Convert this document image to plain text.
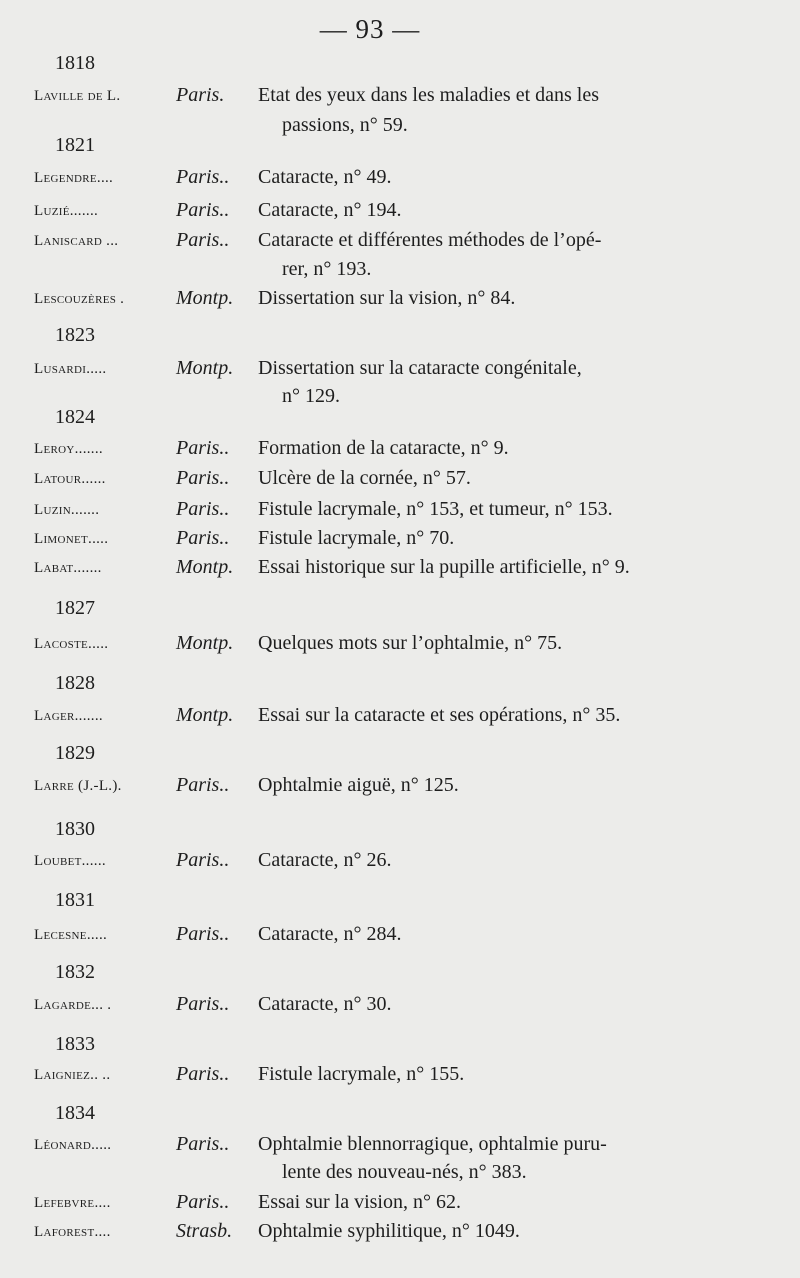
— 93 —
1818
Laville de L.	Paris. Etat des yeux dans les maladies et dans les
passions, n° 59.
1821
Legendre....	Paris.. Cataracte, n° 49.
Luzié.......	Paris.. Cataracte, n° 194.
Laniscard ...	Paris.. Cataracte et différentes méthodes de l’opé-
rer, n° 193.
Lescouzères .	Montp. Dissertation sur la vision, n° 84.
1823
Lusardi.....	Montp. Dissertation sur la cataracte congénitale,
n° 129.
1824
Leroy.......	Paris.. Formation de la cataracte, n° 9.
Latour......	Paris.. Ulcère de la cornée, n° 57.
Luzin.......	Paris.. Fistule lacrymale, n° 153, et tumeur, n° 153.
Limonet.....	Paris.. Fistule lacrymale, n° 70.
Labat.......	Montp. Essai historique sur la pupille artificielle, n° 9.
1827
Lacoste.....	Montp. Quelques mots sur l’ophtalmie, n° 75.
1828
Lager.......	Montp. Essai sur la cataracte et ses opérations, n° 35.
1829
Larre (J.-L.).	Paris.. Ophtalmie aiguë, n° 125.
1830
Loubet......	Paris.. Cataracte, n° 26.
1831
Lecesne.....	Paris.. Cataracte, n° 284.
1832
Lagarde... .	Paris.. Cataracte, n° 30.
1833
Laigniez.. ..	Paris.. Fistule lacrymale, n° 155.
1834
Léonard.....	Paris.. Ophtalmie blennorragique, ophtalmie puru-
lente des nouveau-nés, n° 383.
Lefebvre....	Paris.. Essai sur la vision, n° 62.
Laforest....	Strasb. Ophtalmie syphilitique, n° 1049.
